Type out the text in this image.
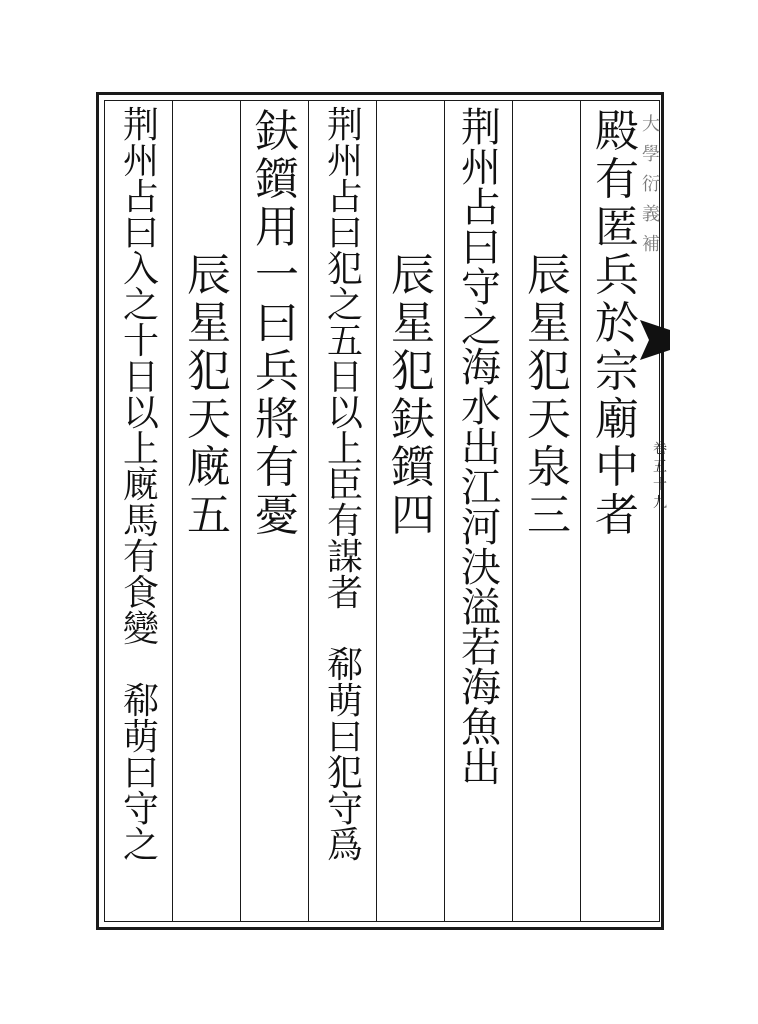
大
學
衍
義
補
卷
五
十
九
殿
有
匿
兵
於
宗
廟
中
者
辰
星
犯
天
泉
三
荆
州
占
曰
守
之
海
水
出
江
河
決
溢
若
海
魚
出
辰
星
犯
鈇
鑕
四
荆
州
占
曰
犯
之
五
日
以
上
臣
有
謀
者

郗
萌
曰
犯
守
爲
鈇
鑕
用
一
曰
兵
將
有
憂
辰
星
犯
天
廐
五
荆
州
占
曰
入
之
十
日
以
上
廐
馬
有
食
變

郗
萌
曰
守
之
